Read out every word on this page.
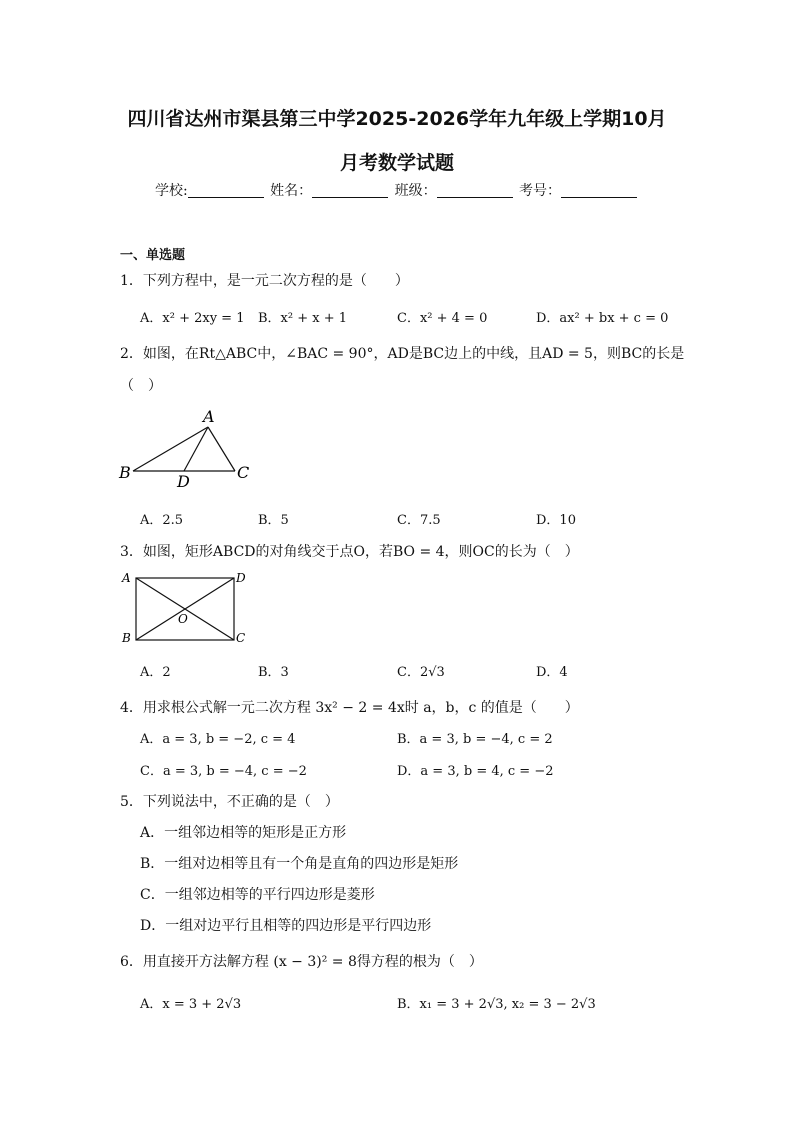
四川省达州市渠县第三中学2025-2026学年九年级上学期10月
月考数学试题
学校:	姓名：	班级：	考号：
一、单选题
1．下列方程中，是一元二次方程的是（　　）
A．x² + 2xy = 1 B．x² + x + 1	C．x² + 4 = 0	D．ax² + bx + c = 0
2．如图，在Rt△ABC中，∠BAC = 90°，AD是BC边上的中线，且AD = 5，则BC的长是
（　）
A
B	C
D
A．2.5	B．5	C．7.5	D．10
3．如图，矩形ABCD的对角线交于点O，若BO = 4，则OC的长为（　）
A	D
B	C
O
A．2	B．3	C．2√3	D．4
4．用求根公式解一元二次方程 3x² − 2 = 4x时 a，b，c 的值是（　　）
A．a = 3, b = −2, c = 4	B．a = 3, b = −4, c = 2
C．a = 3, b = −4, c = −2	D．a = 3, b = 4, c = −2
5．下列说法中，不正确的是（　）
A．一组邻边相等的矩形是正方形
B．一组对边相等且有一个角是直角的四边形是矩形
C．一组邻边相等的平行四边形是菱形
D．一组对边平行且相等的四边形是平行四边形
6．用直接开方法解方程 (x − 3)² = 8得方程的根为（　）
A．x = 3 + 2√3	B．x₁ = 3 + 2√3, x₂ = 3 − 2√3
